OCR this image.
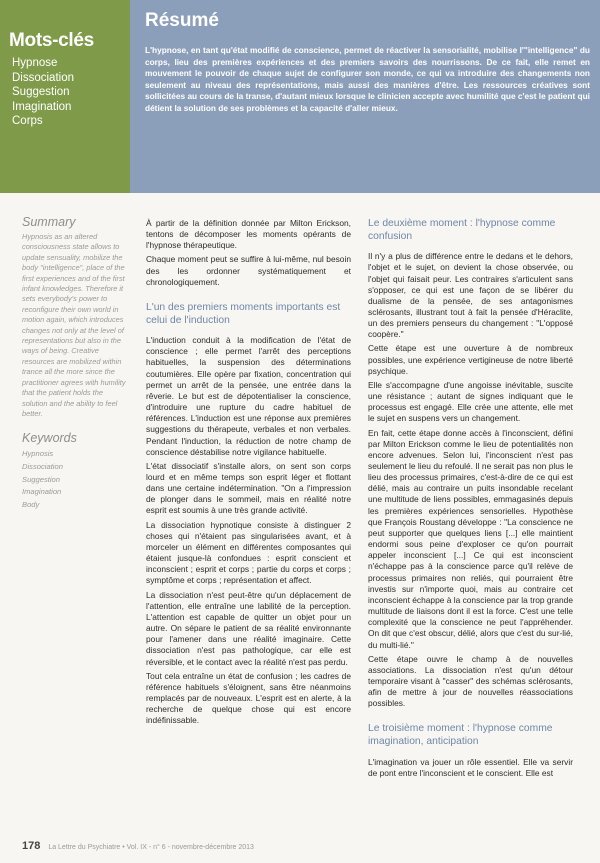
Mots-clés
Hypnose
Dissociation
Suggestion
Imagination
Corps
Résumé

L'hypnose, en tant qu'état modifié de conscience, permet de réactiver la sensorialité, mobilise l'"intelligence" du corps, lieu des premières expériences et des premiers savoirs des nourrissons. De ce fait, elle remet en mouvement le pouvoir de chaque sujet de configurer son monde, ce qui va introduire des changements non seulement au niveau des représentations, mais aussi des manières d'être. Les ressources créatives sont sollicitées au cours de la transe, d'autant mieux lorsque le clinicien accepte avec humilité que c'est le patient qui détient la solution de ses problèmes et la capacité d'aller mieux.

Summary

Hypnosis as an altered consciousness state allows to update sensuality, mobilize the body "intelligence", place of the first experiences and of the first infant knowledges. Therefore it sets everybody's power to reconfigure their own world in motion again, which introduces changes not only at the level of representations but also in the ways of being. Creative resources are mobilized within trance all the more since the practitioner agrees with humility that the patient holds the solution and the ability to feel better.

Keywords
Hypnosis
Dissociation
Suggestion
Imagination
Body

À partir de la définition donnée par Milton Erickson, tentons de décomposer les moments opérants de l'hypnose thérapeutique.

Chaque moment peut se suffire à lui-même, nul besoin des les ordonner systématiquement et chronologiquement.

L'un des premiers moments importants est celui de l'induction

L'induction conduit à la modification de l'état de conscience ; elle permet l'arrêt des perceptions habituelles, la suspension des déterminations coutumières. Elle opère par fixation, concentration qui permet un arrêt de la pensée, une entrée dans la rêverie. Le but est de dépotentialiser la conscience, d'introduire une rupture du cadre habituel de références. L'induction est une réponse aux premières suggestions du thérapeute, verbales et non verbales. Pendant l'induction, la réduction de notre champ de conscience déstabilise notre vigilance habituelle.

L'état dissociatif s'installe alors, on sent son corps lourd et en même temps son esprit léger et flottant dans une certaine indétermination. "On a l'impression de plonger dans le sommeil, mais en réalité notre esprit est soumis à une très grande activité.

La dissociation hypnotique consiste à distinguer 2 choses qui n'étaient pas singularisées avant, et à morceler un élément en différentes composantes qui étaient jusque-là confondues : esprit conscient et inconscient ; esprit et corps ; partie du corps et corps ; symptôme et corps ; représentation et affect.

La dissociation n'est peut-être qu'un déplacement de l'attention, elle entraîne une labilité de la perception. L'attention est capable de quitter un objet pour un autre. On sépare le patient de sa réalité environnante pour l'amener dans une réalité imaginaire. Cette dissociation n'est pas pathologique, car elle est réversible, et le contact avec la réalité n'est pas perdu.

Tout cela entraîne un état de confusion ; les cadres de référence habituels s'éloignent, sans être néanmoins remplacés par de nouveaux. L'esprit est en alerte, à la recherche de quelque chose qui est encore indéfinissable.

Le deuxième moment : l'hypnose comme confusion

Il n'y a plus de différence entre le dedans et le dehors, l'objet et le sujet, on devient la chose observée, ou l'objet qui faisait peur. Les contraires s'articulent sans s'opposer, ce qui est une façon de se libérer du dualisme de la pensée, de ses antagonismes sclérosants, illustrant tout à fait la pensée d'Héraclite, un des premiers penseurs du changement : "L'opposé coopère."

Cette étape est une ouverture à de nombreux possibles, une expérience vertigineuse de notre liberté psychique.

Elle s'accompagne d'une angoisse inévitable, suscite une résistance ; autant de signes indiquant que le processus est engagé. Elle crée une attente, elle met le sujet en suspens vers un changement.

En fait, cette étape donne accès à l'inconscient, défini par Milton Erickson comme le lieu de potentialités non encore advenues. Selon lui, l'inconscient n'est pas seulement le lieu du refoulé. Il ne serait pas non plus le lieu des processus primaires, c'est-à-dire de ce qui est délié, mais au contraire un puits insondable recelant une multitude de liens possibles, emmagasinés depuis les premières expériences sensorielles. Hypothèse que François Roustang développe : "La conscience ne peut supporter que quelques liens [...] elle maintient endormi sous peine d'exploser ce qu'on pourrait appeler inconscient [...] Ce qui est inconscient n'échappe pas à la conscience parce qu'il relève de processus primaires non reliés, qui pourraient être investis sur n'importe quoi, mais au contraire cet inconscient échappe à la conscience par la trop grande multitude de liaisons dont il est la force. C'est une telle complexité que la conscience ne peut l'appréhender. On dit que c'est obscur, délié, alors que c'est du sur-lié, du multi-lié."

Cette étape ouvre le champ à de nouvelles associations. La dissociation n'est qu'un détour temporaire visant à "casser" des schémas sclérosants, afin de mettre à jour de nouvelles réassociations possibles.

Le troisième moment : l'hypnose comme imagination, anticipation

L'imagination va jouer un rôle essentiel. Elle va servir de pont entre l'inconscient et le conscient. Elle est

178 La Lettre du Psychiatre • Vol. IX - n° 6 - novembre-décembre 2013
